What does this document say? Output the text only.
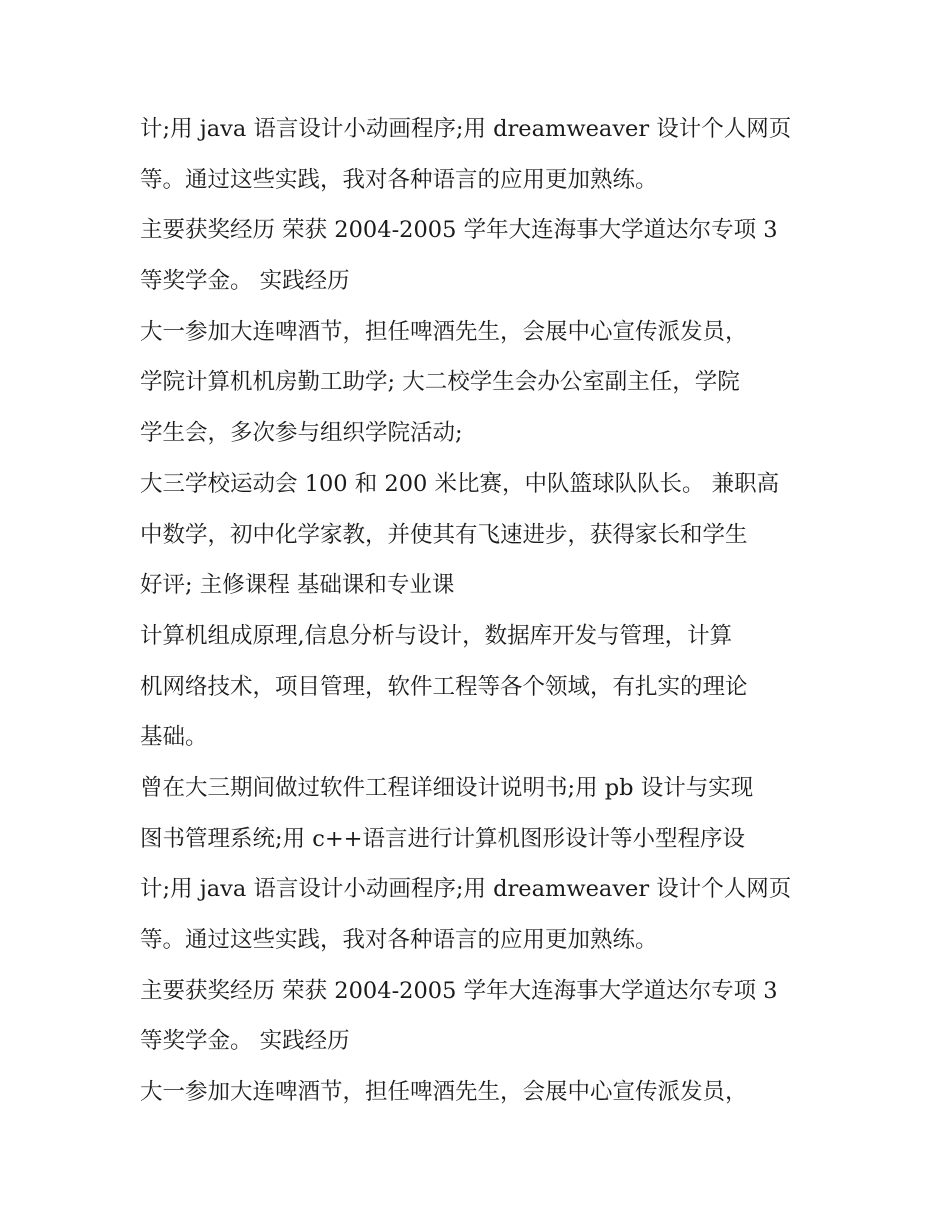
计;用 java 语言设计小动画程序;用 dreamweaver 设计个人网页
等。通过这些实践，我对各种语言的应用更加熟练。
主要获奖经历 荣获 2004-2005 学年大连海事大学道达尔专项 3
等奖学金。 实践经历
大一参加大连啤酒节，担任啤酒先生，会展中心宣传派发员，
学院计算机机房勤工助学; 大二校学生会办公室副主任，学院
学生会，多次参与组织学院活动;
大三学校运动会 100 和 200 米比赛，中队篮球队队长。 兼职高
中数学，初中化学家教，并使其有飞速进步，获得家长和学生
好评; 主修课程 基础课和专业课
计算机组成原理,信息分析与设计，数据库开发与管理，计算
机网络技术，项目管理，软件工程等各个领域，有扎实的理论
基础。
曾在大三期间做过软件工程详细设计说明书;用 pb 设计与实现
图书管理系统;用 c++语言进行计算机图形设计等小型程序设
计;用 java 语言设计小动画程序;用 dreamweaver 设计个人网页
等。通过这些实践，我对各种语言的应用更加熟练。
主要获奖经历 荣获 2004-2005 学年大连海事大学道达尔专项 3
等奖学金。 实践经历
大一参加大连啤酒节，担任啤酒先生，会展中心宣传派发员，
